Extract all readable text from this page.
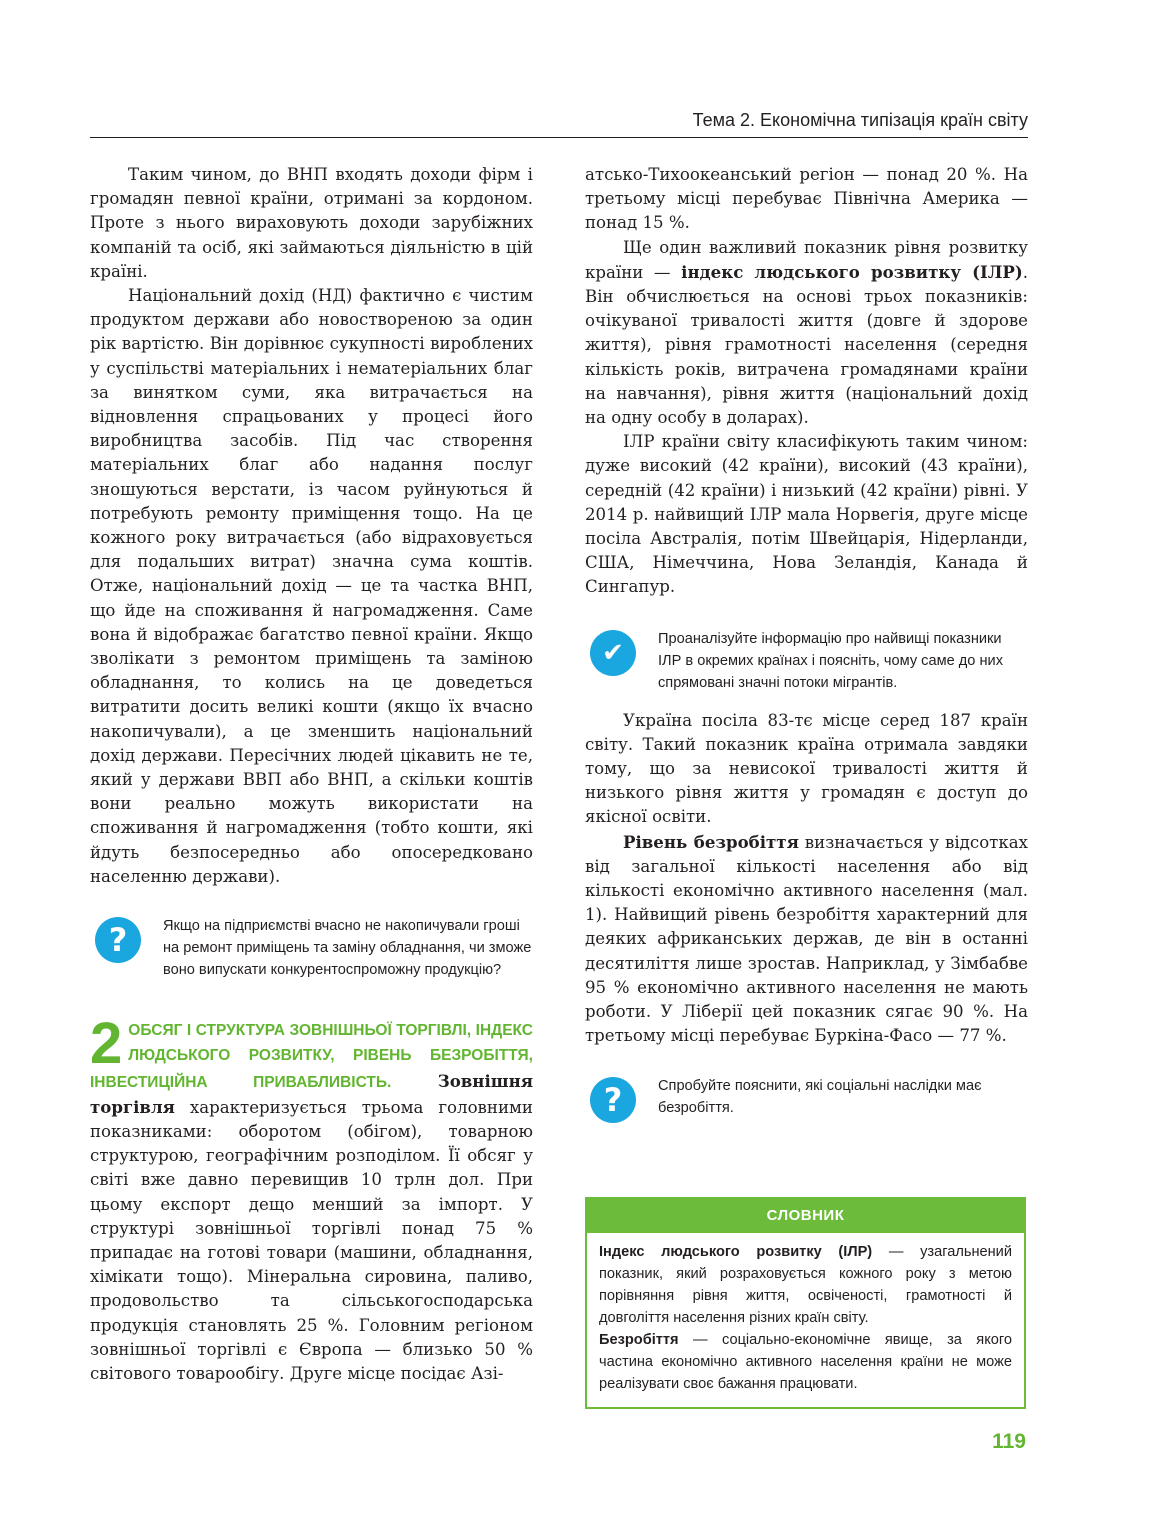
Тема 2. Економічна типізація країн світу

Таким чином, до ВНП входять доходи фірм і громадян певної країни, отримані за кордоном. Проте з нього вираховують доходи зарубіжних компаній та осіб, які займаються діяльністю в цій країні.

Національний дохід (НД) фактично є чистим продуктом держави або новоствореною за один рік вартістю. Він дорівнює сукупності вироблених у суспільстві матеріальних і нематеріальних благ за винятком суми, яка витрачається на відновлення спрацьованих у процесі його виробництва засобів. Під час створення матеріальних благ або надання послуг зношуються верстати, із часом руйнуються й потребують ремонту приміщення тощо. На це кожного року витрачається (або відраховується для подальших витрат) значна сума коштів. Отже, національний дохід — це та частка ВНП, що йде на споживання й нагромадження. Саме вона й відображає багатство певної країни. Якщо зволікати з ремонтом приміщень та заміною обладнання, то колись на це доведеться витратити досить великі кошти (якщо їх вчасно накопичували), а це зменшить національний дохід держави. Пересічних людей цікавить не те, який у держави ВВП або ВНП, а скільки коштів вони реально можуть використати на споживання й нагромадження (тобто кошти, які йдуть безпосередньо або опосередковано населенню держави).

?	Якщо на підприємстві вчасно не накопичували гроші на ремонт приміщень та заміну обладнання, чи зможе воно випускати конкурентоспроможну продукцію?
2 ОБСЯГ І СТРУКТУРА ЗОВНІШНЬОЇ ТОРГІВЛІ, ІНДЕКС ЛЮДСЬКОГО РОЗВИТКУ, РІВЕНЬ БЕЗРОБІТТЯ, ІНВЕСТИЦІЙНА ПРИВАБЛИВІСТЬ.	Зовнішня торгівля характеризується трьома головними показниками: оборотом (обігом), товарною структурою, географічним розподілом. Її обсяг у світі вже давно перевищив 10 трлн дол. При цьому експорт дещо менший за імпорт. У структурі зовнішньої торгівлі понад 75 % припадає на готові товари (машини, обладнання, хімікати тощо). Мінеральна сировина, паливо, продовольство та сільськогосподарська продукція становлять 25 %. Головним регіоном зовнішньої торгівлі є Європа — близько 50 % світового товарообігу. Друге місце посідає Азі-

атсько-Тихоокеанський регіон — понад 20 %. На третьому місці перебуває Північна Америка — понад 15 %.

Ще один важливий показник рівня розвитку країни — індекс людського розвитку (ІЛР). Він обчислюється на основі трьох показників: очікуваної тривалості життя (довге й здорове життя), рівня грамотності населення (середня кількість років, витрачена громадянами країни на навчання), рівня життя (національний дохід на одну особу в доларах).

ІЛР країни світу класифікують таким чином: дуже високий (42 країни), високий (43 країни), середній (42 країни) і низький (42 країни) рівні. У 2014 р. найвищий ІЛР мала Норвегія, друге місце посіла Австралія, потім Швейцарія, Нідерланди, США, Німеччина, Нова Зеландія, Канада й Сингапур.

✔	Проаналізуйте інформацію про найвищі показники ІЛР в окремих країнах і поясніть, чому саме до них спрямовані значні потоки мігрантів.

Україна посіла 83-тє місце серед 187 країн світу. Такий показник країна отримала завдяки тому, що за невисокої тривалості життя й низького рівня життя у громадян є доступ до якісної освіти.

Рівень безробіття визначається у відсотках від загальної кількості населення або від кількості економічно активного населення (мал. 1). Найвищий рівень безробіття характерний для деяких африканських держав, де він в останні десятиліття лише зростав. Наприклад, у Зімбабве 95 % економічно активного населення не мають роботи. У Ліберії цей показник сягає 90 %. На третьому місці перебуває Буркіна-Фасо — 77 %.

?	Спробуйте пояснити, які соціальні наслідки має безробіття.
СЛОВНИК

Індекс людського розвитку (ІЛР) — узагальнений показник, який розраховується кожного року з метою порівняння рівня життя, освіченості, грамотності й довголіття населення різних країн світу.

Безробіття — соціально-економічне явище, за якого частина економічно активного населення країни не може реалізувати своє бажання працювати.

119
